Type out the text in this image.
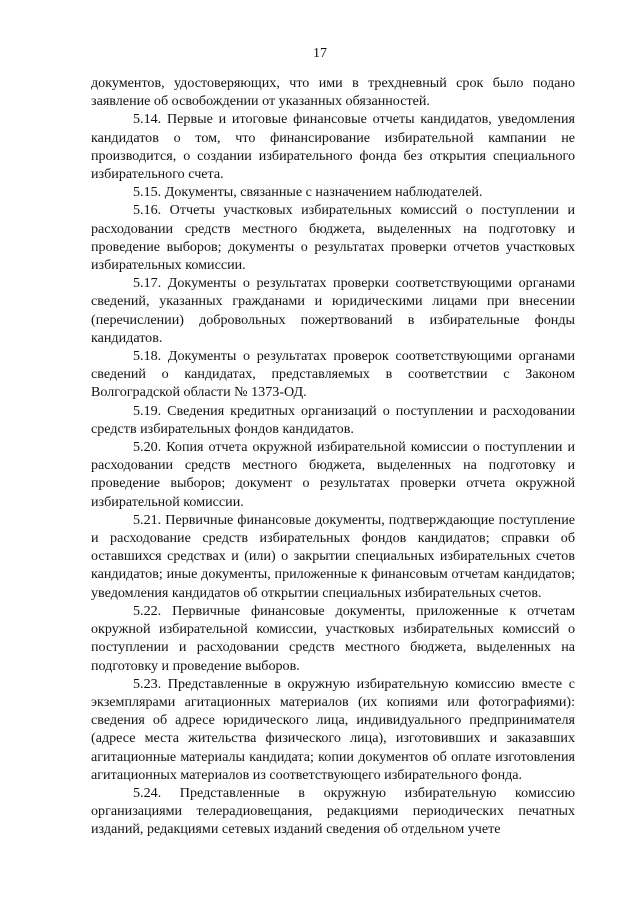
17

документов, удостоверяющих, что ими в трехдневный срок было подано заявление об освобождении от указанных обязанностей.

5.14. Первые и итоговые финансовые отчеты кандидатов, уведомления кандидатов о том, что финансирование избирательной кампании не производится, о создании избирательного фонда без открытия специального избирательного счета.

5.15. Документы, связанные с назначением наблюдателей.

5.16. Отчеты участковых избирательных комиссий о поступлении и расходовании средств местного бюджета, выделенных на подготовку и проведение выборов; документы о результатах проверки отчетов участковых избирательных комиссии.

5.17. Документы о результатах проверки соответствующими органами сведений, указанных гражданами и юридическими лицами при внесении (перечислении) добровольных пожертвований в избирательные фонды кандидатов.

5.18. Документы о результатах проверок соответствующими органами сведений о кандидатах, представляемых в соответствии с Законом Волгоградской области № 1373-ОД.

5.19. Сведения кредитных организаций о поступлении и расходовании средств избирательных фондов кандидатов.

5.20. Копия отчета окружной избирательной комиссии о поступлении и расходовании средств местного бюджета, выделенных на подготовку и проведение выборов; документ о результатах проверки отчета окружной избирательной комиссии.

5.21. Первичные финансовые документы, подтверждающие поступление и расходование средств избирательных фондов кандидатов; справки об оставшихся средствах и (или) о закрытии специальных избирательных счетов кандидатов; иные документы, приложенные к финансовым отчетам кандидатов; уведомления кандидатов об открытии специальных избирательных счетов.

5.22. Первичные финансовые документы, приложенные к отчетам окружной избирательной комиссии, участковых избирательных комиссий о поступлении и расходовании средств местного бюджета, выделенных на подготовку и проведение выборов.

5.23. Представленные в окружную избирательную комиссию вместе с экземплярами агитационных материалов (их копиями или фотографиями): сведения об адресе юридического лица, индивидуального предпринимателя (адресе места жительства физического лица), изготовивших и заказавших агитационные материалы кандидата; копии документов об оплате изготовления агитационных материалов из соответствующего избирательного фонда.

5.24. Представленные в окружную избирательную комиссию организациями телерадиовещания, редакциями периодических печатных изданий, редакциями сетевых изданий сведения об отдельном учете
